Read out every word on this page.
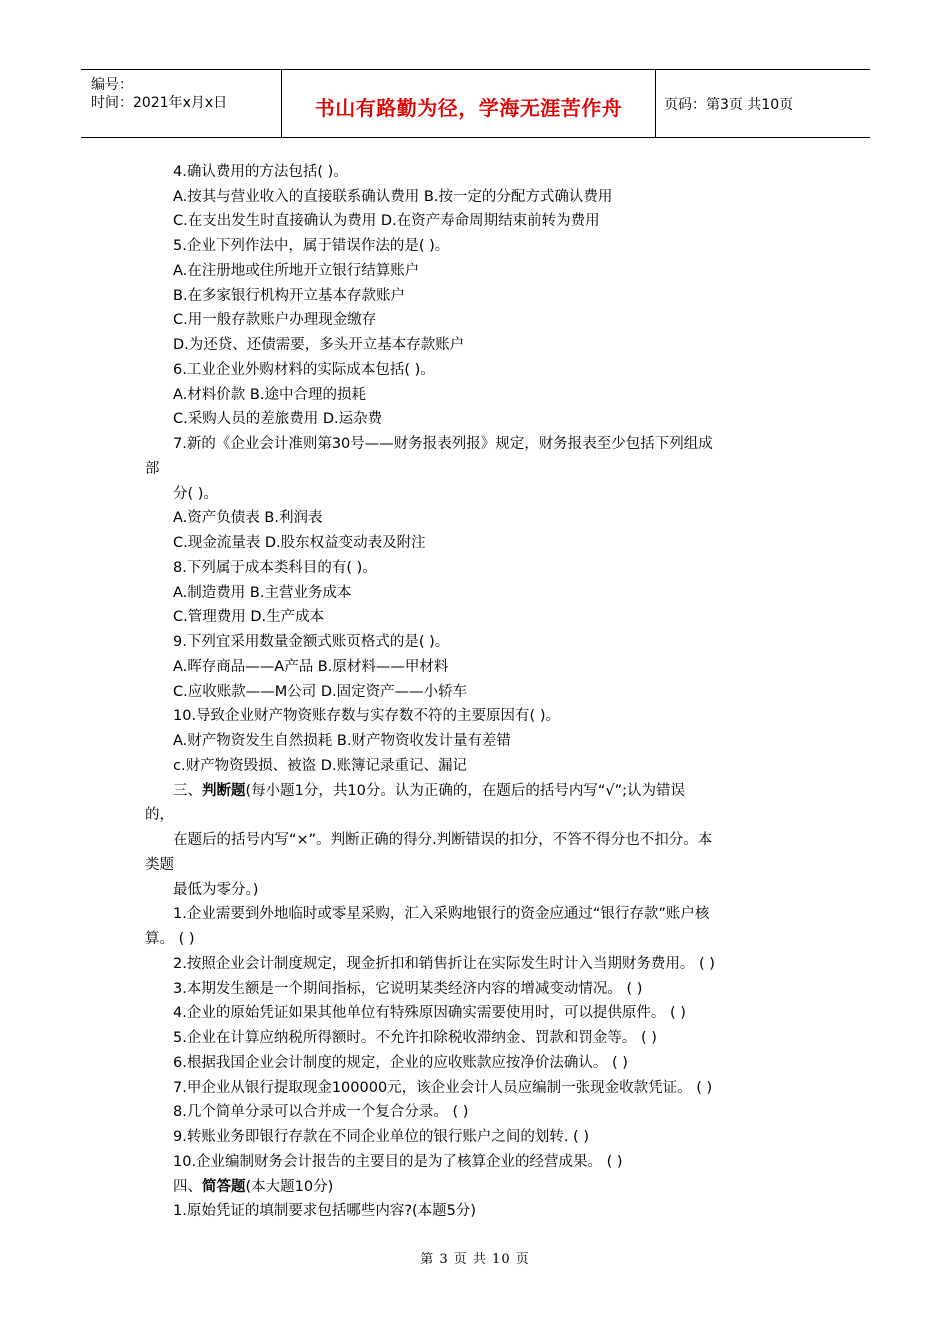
编号：
时间：2021年x月x日	书山有路勤为径，学海无涯苦作舟	页码：第3页 共10页
4.确认费用的方法包括( )。
A.按其与营业收入的直接联系确认费用 B.按一定的分配方式确认费用
C.在支出发生时直接确认为费用 D.在资产寿命周期结束前转为费用
5.企业下列作法中，属于错误作法的是( )。
A.在注册地或住所地开立银行结算账户
B.在多家银行机构开立基本存款账户
C.用一般存款账户办理现金缴存
D.为还贷、还债需要，多头开立基本存款账户
6.工业企业外购材料的实际成本包括( )。
A.材料价款 B.途中合理的损耗
C.采购人员的差旅费用 D.运杂费
7.新的《企业会计准则第30号——财务报表列报》规定，财务报表至少包括下列组成
部
分( )。
A.资产负债表 B.利润表
C.现金流量表 D.股东权益变动表及附注
8.下列属于成本类科目的有( )。
A.制造费用 B.主营业务成本
C.管理费用 D.生产成本
9.下列宜采用数量金额式账页格式的是( )。
A.晖存商品——A产品 B.原材料——甲材料
C.应收账款——M公司 D.固定资产——小轿车
10.导致企业财产物资账存数与实存数不符的主要原因有( )。
A.财产物资发生自然损耗 B.财产物资收发计量有差错
c.财产物资毁损、被盗 D.账簿记录重记、漏记
三、判断题(每小题1分，共10分。认为正确的，在题后的括号内写“√”;认为错误
的，
在题后的括号内写“×”。判断正确的得分.判断错误的扣分，不答不得分也不扣分。本
类题
最低为零分。)
1.企业需要到外地临时或零星采购，汇入采购地银行的资金应通过“银行存款”账户核
算。 ( )
2.按照企业会计制度规定，现金折扣和销售折让在实际发生时计入当期财务费用。 ( )
3.本期发生额是一个期间指标，它说明某类经济内容的增减变动情况。 ( )
4.企业的原始凭证如果其他单位有特殊原因确实需要使用时，可以提供原件。 ( )
5.企业在计算应纳税所得额时。不允许扣除税收滞纳金、罚款和罚金等。 ( )
6.根据我国企业会计制度的规定，企业的应收账款应按净价法确认。 ( )
7.甲企业从银行提取现金100000元，该企业会计人员应编制一张现金收款凭证。 ( )
8.几个简单分录可以合并成一个复合分录。 ( )
9.转账业务即银行存款在不同企业单位的银行账户之间的划转. ( )
10.企业编制财务会计报告的主要目的是为了核算企业的经营成果。 ( )
四、简答题(本大题10分)
1.原始凭证的填制要求包括哪些内容?(本题5分)
第 3 页 共 10 页
